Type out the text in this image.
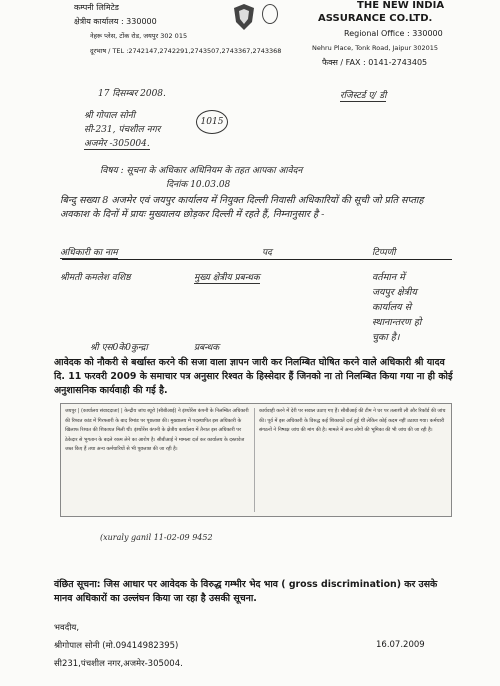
कम्पनी लिमिटेड
क्षेत्रीय कार्यालय : 330000
नेहरू प्लेस, टोंक रोड, जयपुर 302 015
दूरभाष / TEL :2742147,2742291,2743507,2743367,2743368
THE NEW INDIA
ASSURANCE CO.LTD.
Regional Office : 330000
Nehru Place, Tonk Road, Jaipur 302015
फैक्स / FAX : 0141-2743405
17 दिसम्बर 2008.	रजिस्टर्ड ए/ डी
श्री गोपाल सोनी
सी-231, पंचशील नगर
अजमेर -305004.
1015
विषय : सूचना के अधिकार अधिनियम के तहत आपका आवेदन
दिनांक 10.03.08
बिन्दु सख्या 8 अजमेर एवं जयपुर कार्यालय में नियुक्त दिल्ली निवासी अधिकारियों की सूची जो प्रति सप्ताह अवकाश के दिनों में प्रायः मुख्यालय छोड़कर दिल्ली में रहते हैं, निम्नानुसार है -
अधिकारी का नाम	पद	टिप्पणी
श्रीमती कमलेश वशिष्ठ	मुख्य क्षेत्रीय प्रबन्धक	वर्तमान में
जयपुर क्षेत्रीय
कार्यालय से
स्थानान्तरण हो
चुका है।
श्री एस0के0कुन्द्रा	प्रबन्धक
आवेदक को नौकरी से बर्खास्त करने की सजा वाला ज्ञापन जारी कर निलम्बित घोषित करने वाले अधिकारी श्री यादव दि. 11 फरवरी 2009 के समाचार पत्र अनुसार रिश्वत के हिस्सेदार हैं जिनको ना तो निलम्बित किया गया ना ही कोई अनुशासनिक कार्यवाही की गई है.
जयपुर | (कार्यालय संवाददाता) | केन्द्रीय जांच ब्यूरो (सीबीआई) ने इंश्योरेंस कंपनी के निलम्बित अधिकारी की रिश्वत कांड में गिरफ्तारी के बाद रिमांड पर पूछताछ की। मुख्यालय में पदस्थापित इस अधिकारी के खिलाफ रिश्वत की शिकायत मिली थी। इंश्योरेंस कंपनी के क्षेत्रीय कार्यालय में तैनात इस अधिकारी पर ठेकेदार से भुगतान के बदले रकम लेने का आरोप है। सीबीआई ने मामला दर्ज कर कार्यालय के दस्तावेज जब्त किए हैं तथा अन्य कर्मचारियों से भी पूछताछ की जा रही है।
कार्यवाही करने में देरी पर सवाल उठाए गए हैं। सीबीआई की टीम ने घर पर तलाशी ली और रिकॉर्ड की जांच की। पूर्व में इस अधिकारी के विरुद्ध कई शिकायतें दर्ज हुई थीं लेकिन कोई कदम नहीं उठाया गया। कर्मचारी संगठनों ने निष्पक्ष जांच की मांग की है। मामले में अन्य लोगों की भूमिका की भी जांच की जा रही है।
(xuraly ganil 11-02-09 9452
वंछित सूचना: जिस आधार पर आवेदक के विरुद्ध गम्भीर भेद भाव ( gross discrimination) कर उसके मानव अधिकारों का उल्लंघन किया जा रहा है उसकी सूचना.
भवदीय,
श्रीगोपाल सोनी (मो.09414982395)
सी231,पंचशील नगर,अजमेर-305004.
16.07.2009
